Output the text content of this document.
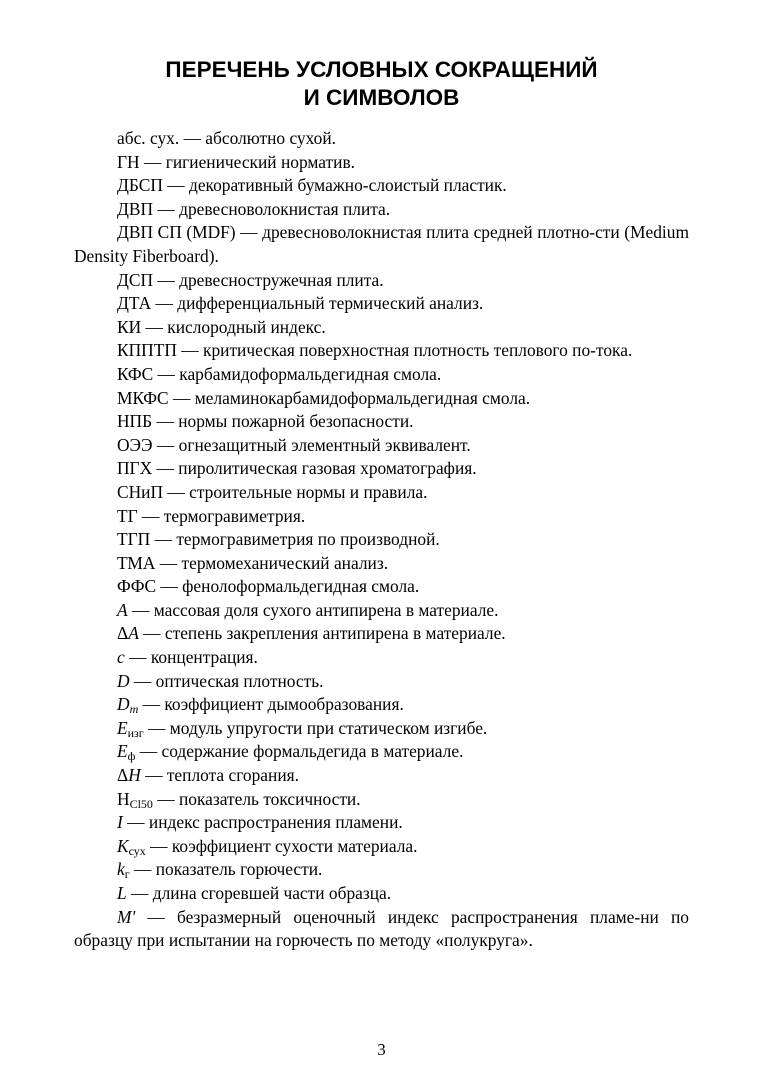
ПЕРЕЧЕНЬ УСЛОВНЫХ СОКРАЩЕНИЙ
И СИМВОЛОВ
абс. сух. — абсолютно сухой.
ГН — гигиенический норматив.
ДБСП — декоративный бумажно-слоистый пластик.
ДВП — древесноволокнистая плита.
ДВП СП (MDF) — древесноволокнистая плита средней плотно-сти (Medium Density Fiberboard).
ДСП — древесностружечная плита.
ДТА — дифференциальный термический анализ.
КИ — кислородный индекс.
КППТП — критическая поверхностная плотность теплового по-тока.
КФС — карбамидоформальдегидная смола.
МКФС — меламинокарбамидоформальдегидная смола.
НПБ — нормы пожарной безопасности.
ОЭЭ — огнезащитный элементный эквивалент.
ПГХ — пиролитическая газовая хроматография.
СНиП — строительные нормы и правила.
ТГ — термогравиметрия.
ТГП — термогравиметрия по производной.
ТМА — термомеханический анализ.
ФФС — фенолоформальдегидная смола.
A — массовая доля сухого антипирена в материале.
ΔA — степень закрепления антипирена в материале.
c — концентрация.
D — оптическая плотность.
$D_m$ — коэффициент дымообразования.
$E_{изг}$ — модуль упругости при статическом изгибе.
$E_ф$ — содержание формальдегида в материале.
ΔH — теплота сгорания.
$Н_{Cl50}$ — показатель токсичности.
I — индекс распространения пламени.
$K_{сух}$ — коэффициент сухости материала.
$k_г$ — показатель горючести.
L — длина сгоревшей части образца.
M' — безразмерный оценочный индекс распространения пламе-ни по образцу при испытании на горючесть по методу «полукруга».
3
